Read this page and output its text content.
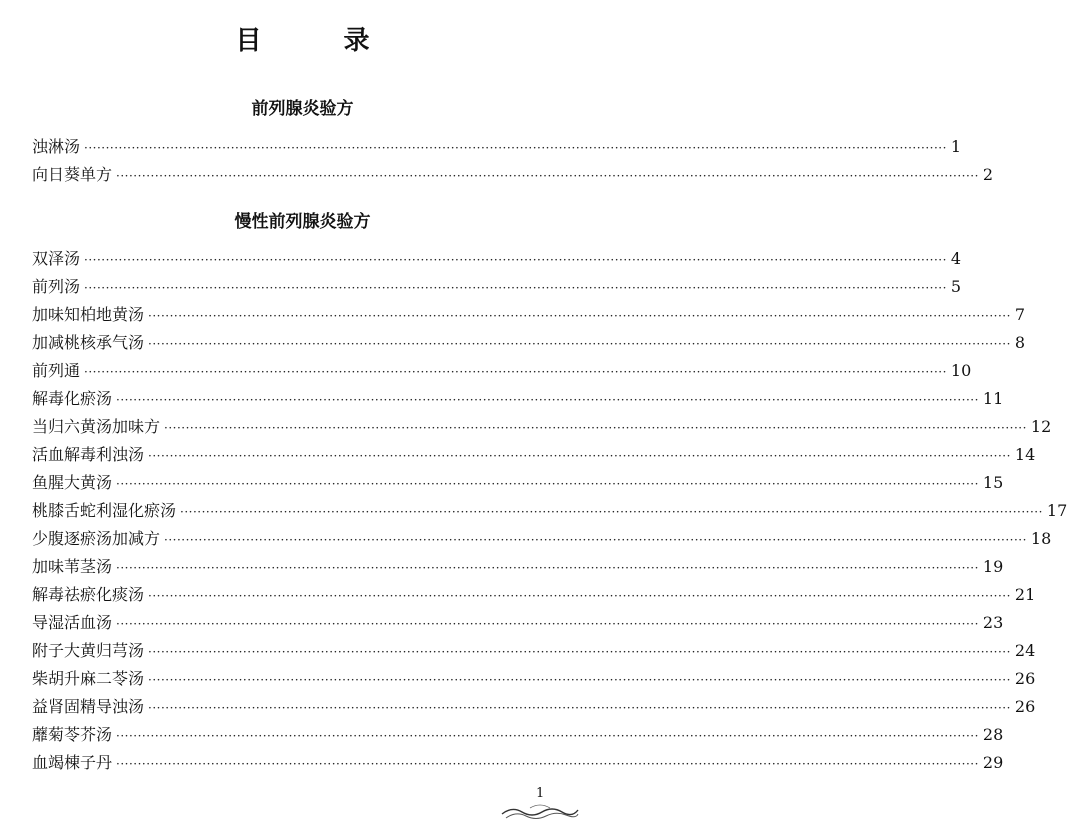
目　录
前列腺炎验方
浊淋汤 ········································································································································································································ 1
向日葵单方 ········································································································································································································ 2
慢性前列腺炎验方
双泽汤 ········································································································································································································ 4
前列汤 ········································································································································································································ 5
加味知柏地黄汤 ········································································································································································································ 7
加减桃核承气汤 ········································································································································································································ 8
前列通 ········································································································································································································ 10
解毒化瘀汤 ········································································································································································································ 11
当归六黄汤加味方 ········································································································································································································ 12
活血解毒利浊汤 ········································································································································································································ 14
鱼腥大黄汤 ········································································································································································································ 15
桃膝舌蛇利湿化瘀汤 ········································································································································································································ 17
少腹逐瘀汤加减方 ········································································································································································································ 18
加味苇茎汤 ········································································································································································································ 19
解毒祛瘀化痰汤 ········································································································································································································ 21
导湿活血汤 ········································································································································································································ 23
附子大黄归芎汤 ········································································································································································································ 24
柴胡升麻二苓汤 ········································································································································································································ 26
益肾固精导浊汤 ········································································································································································································ 26
蘼菊苓芥汤 ········································································································································································································ 28
血竭棟子丹 ········································································································································································································ 29
1
